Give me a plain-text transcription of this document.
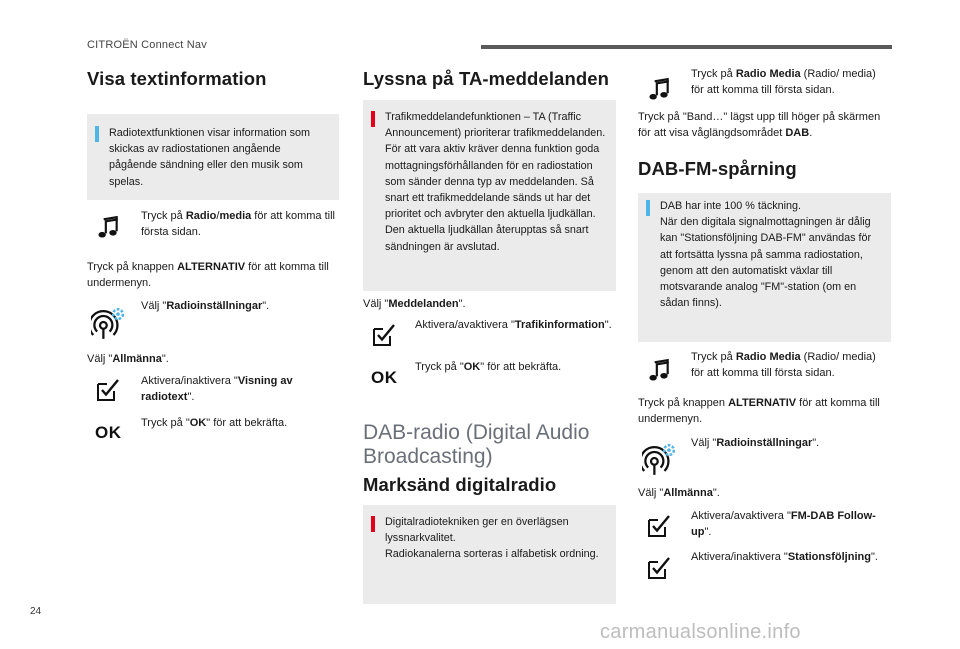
CITROËN Connect Nav
Visa textinformation
Radiotextfunktionen visar information som skickas av radiostationen angående pågående sändning eller den musik som spelas.
Tryck på Radio/media för att komma till första sidan.
Tryck på knappen ALTERNATIV för att komma till undermenyn.
Välj "Radioinställningar".
Välj "Allmänna".
Aktivera/inaktivera "Visning av radiotext".
OK Tryck på "OK" för att bekräfta.
Lyssna på TA-meddelanden
Trafikmeddelandefunktionen – TA (Traffic Announcement) prioriterar trafikmeddelanden. För att vara aktiv kräver denna funktion goda mottagningsförhållanden för en radiostation som sänder denna typ av meddelanden. Så snart ett trafikmeddelande sänds ut har det prioritet och avbryter den aktuella ljudkällan. Den aktuella ljudkällan återupptas så snart sändningen är avslutad.
Välj "Meddelanden".
Aktivera/avaktivera "Trafikinformation".
OK
Tryck på "OK" för att bekräfta.
DAB-radio (Digital Audio Broadcasting)
Marksänd digitalradio
Digitalradiotekniken ger en överlägsen lyssnarkvalitet.
Radiokanalerna sorteras i alfabetisk ordning.
Tryck på Radio Media (Radio/ media) för att komma till första sidan.
Tryck på "Band…" lägst upp till höger på skärmen för att visa våglängdsområdet DAB.
DAB-FM-spårning
DAB har inte 100 % täckning.
När den digitala signalmottagningen är dålig kan "Stationsföljning DAB-FM" användas för att fortsätta lyssna på samma radiostation, genom att den automatiskt växlar till motsvarande analog "FM"-station (om en sådan finns).
Tryck på Radio Media (Radio/ media) för att komma till första sidan.
Tryck på knappen ALTERNATIV för att komma till undermenyn.
Välj "Radioinställningar".
Välj "Allmänna".
Aktivera/avaktivera "FM-DAB Follow-up".
Aktivera/inaktivera "Stationsföljning".
24
carmanualsonline.info
